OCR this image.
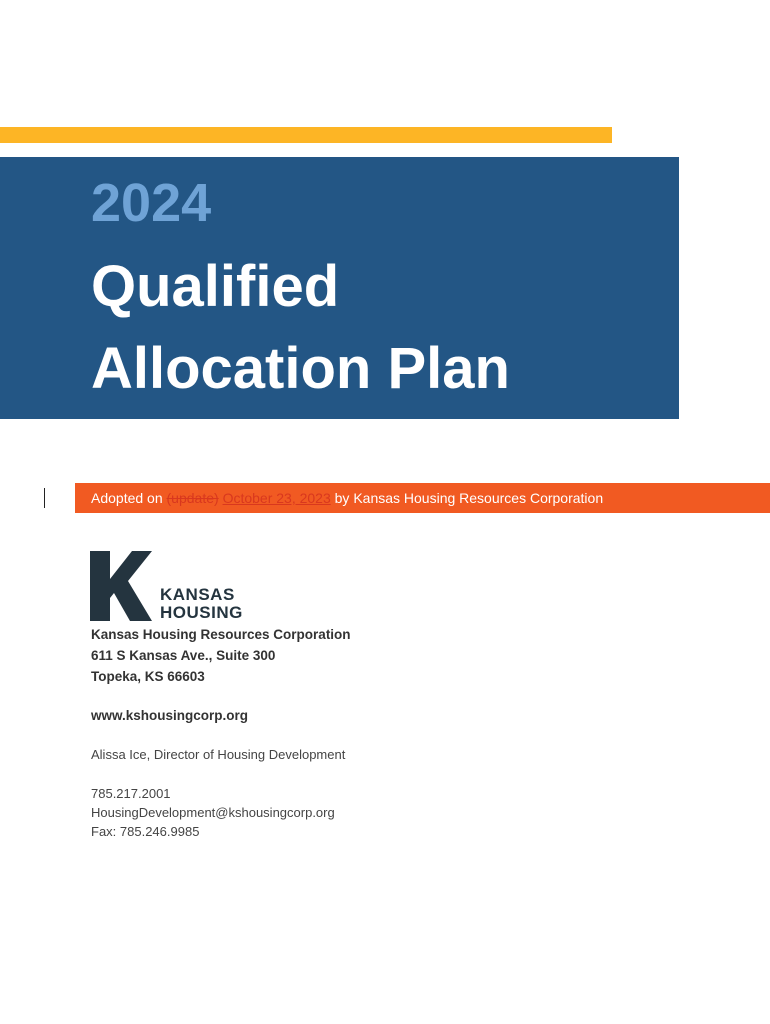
2024
Qualified
Allocation Plan
Adopted on (update) October 23, 2023 by Kansas Housing Resources Corporation
KANSAS
HOUSING
Kansas Housing Resources Corporation
611 S Kansas Ave., Suite 300
Topeka, KS 66603
www.kshousingcorp.org
Alissa Ice, Director of Housing Development
785.217.2001
HousingDevelopment@kshousingcorp.org
Fax: 785.246.9985
